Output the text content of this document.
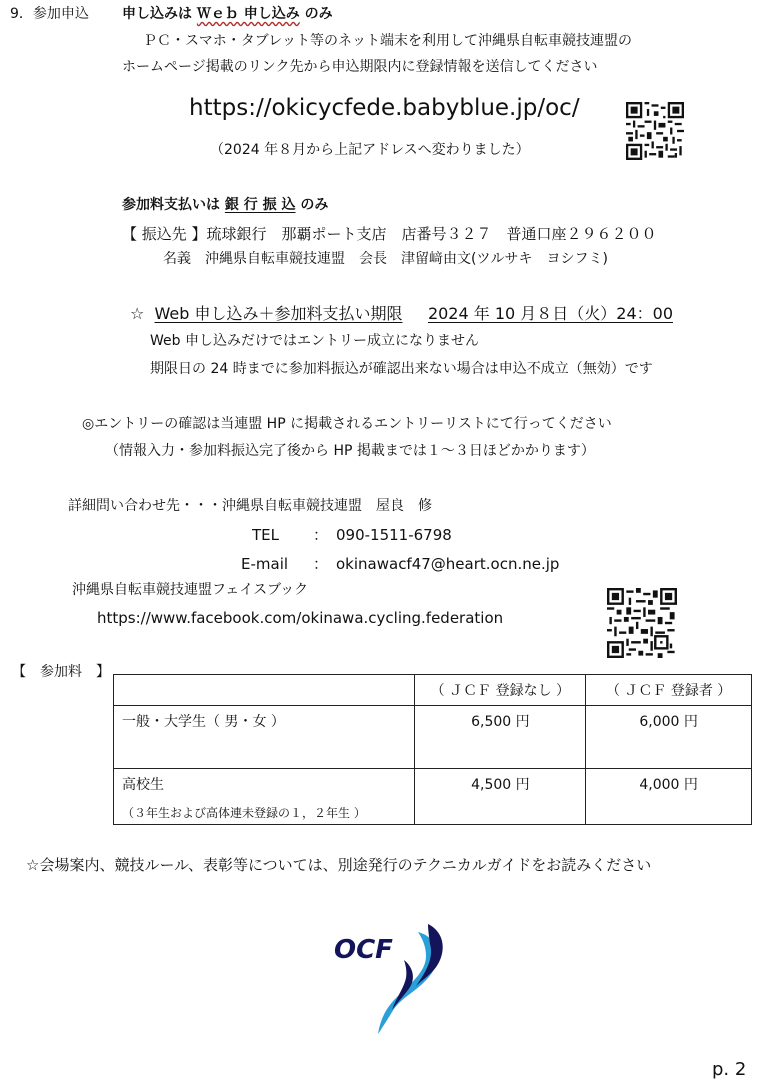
9．参加申込 申し込みは Ｗｅｂ 申し込み のみ
ＰＣ・スマホ・タブレット等のネット端末を利用して沖縄県自転車競技連盟の
ホームページ掲載のリンク先から申込期限内に登録情報を送信してください
https://okicycfede.babyblue.jp/oc/
（2024 年８月から上記アドレスへ変わりました）
参加料支払いは 銀 行 振 込 のみ
【 振込先 】琉球銀行　那覇ポート支店　店番号３２７　普通口座２９６２００
名義　沖縄県自転車競技連盟　会長　津留﨑由文(ツルサキ　ヨシフミ)
☆ Web 申し込み＋参加料支払い期限 2024 年 10 月８日（火）24：00
Web 申し込みだけではエントリー成立になりません
期限日の 24 時までに参加料振込が確認出来ない場合は申込不成立（無効）です
◎エントリーの確認は当連盟 HP に掲載されるエントリーリストにて行ってください
（情報入力・参加料振込完了後から HP 掲載までは１～３日ほどかかります）
詳細問い合わせ先・・・沖縄県自転車競技連盟　屋良　修
TEL ： 090-1511-6798
E-mail ： okinawacf47@heart.ocn.ne.jp
沖縄県自転車競技連盟フェイスブック
https://www.facebook.com/okinawa.cycling.federation
【　参加料　】
	（ ＪＣＦ 登録なし ）	（ ＪＣＦ 登録者 ）
一般・大学生（ 男・女 ）	6,500 円	6,000 円

高校生
（３年生および高体連未登録の１，２年生 ）	4,500 円	4,000 円
☆会場案内、競技ルール、表彰等については、別途発行のテクニカルガイドをお読みください
OCF
p. 2
